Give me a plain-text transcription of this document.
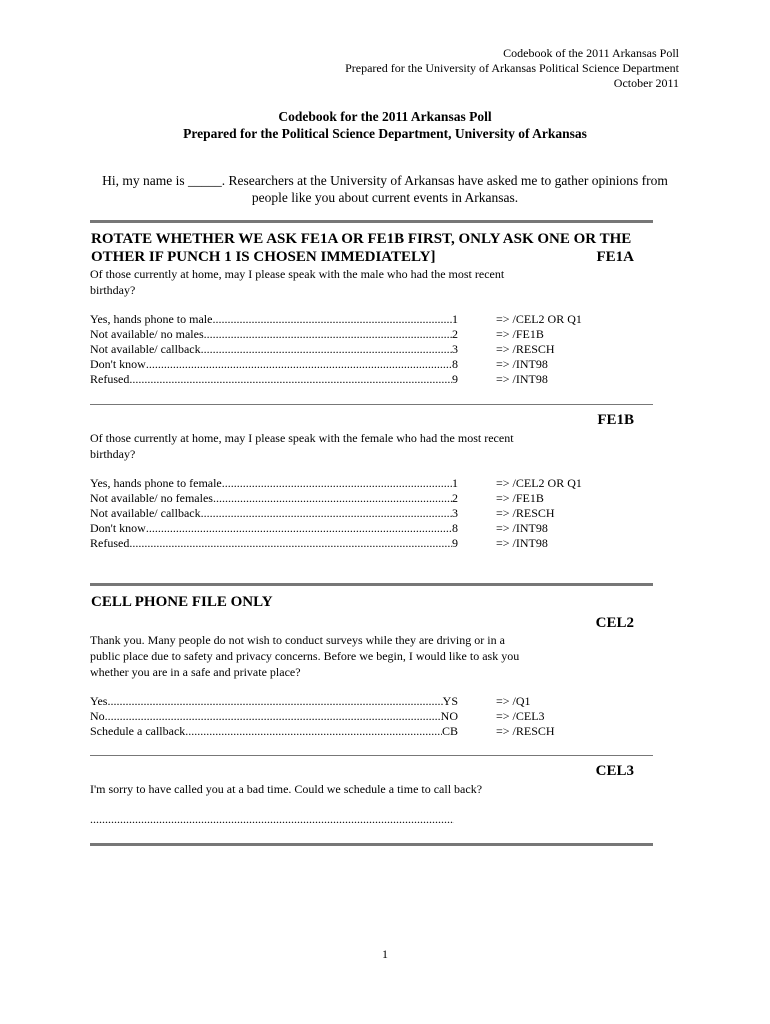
Codebook of the 2011 Arkansas Poll
Prepared for the University of Arkansas Political Science Department
October 2011
Codebook for the 2011 Arkansas Poll
Prepared for the Political Science Department, University of Arkansas
Hi, my name is _____. Researchers at the University of Arkansas have asked me to gather opinions from
people like you about current events in Arkansas.
ROTATE WHETHER WE ASK FE1A OR FE1B FIRST, ONLY ASK ONE OR THE
OTHER IF PUNCH 1 IS CHOSEN IMMEDIATELY]	FE1A
Of those currently at home, may I please speak with the male who had the most recent
birthday?
Yes, hands phone to male .....	1	=> /CEL2 OR Q1
Not available/ no males .....	2	=> /FE1B
Not available/ callback .....	3	=> /RESCH
Don't know .....	8	=> /INT98
Refused .....	9	=> /INT98
FE1B
Of those currently at home, may I please speak with the female who had the most recent
birthday?
Yes, hands phone to female .....	1	=> /CEL2 OR Q1
Not available/ no females .....	2	=> /FE1B
Not available/ callback .....	3	=> /RESCH
Don't know .....	8	=> /INT98
Refused .....	9	=> /INT98
CELL PHONE FILE ONLY
CEL2
Thank you. Many people do not wish to conduct surveys while they are driving or in a
public place due to safety and privacy concerns. Before we begin, I would like to ask you
whether you are in a safe and private place?
Yes .....	YS	=> /Q1
No .....	NO	=> /CEL3
Schedule a callback .....	CB	=> /RESCH
CEL3
I'm sorry to have called you at a bad time. Could we schedule a time to call back?
.....
1
